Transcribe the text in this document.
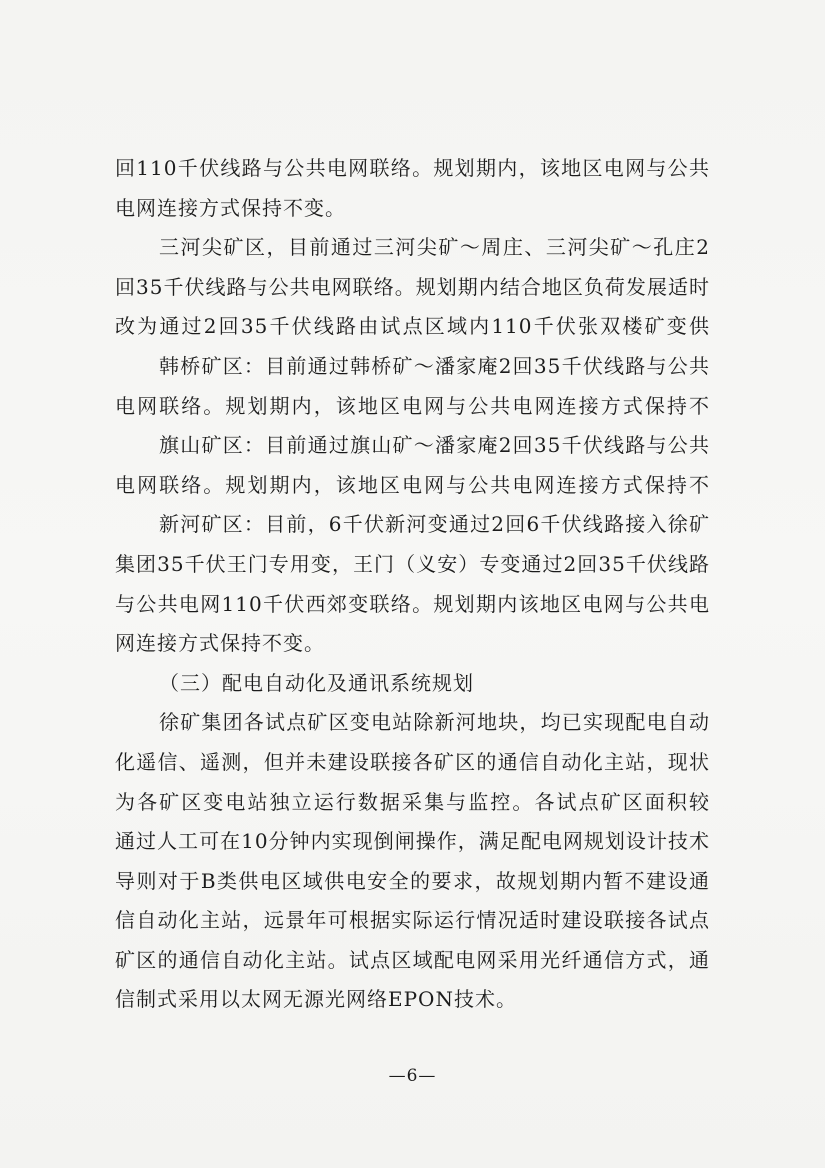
回110千伏线路与公共电网联络。规划期内，该地区电网与公共
电网连接方式保持不变。
三河尖矿区，目前通过三河尖矿～周庄、三河尖矿～孔庄2
回35千伏线路与公共电网联络。规划期内结合地区负荷发展适时
改为通过2回35千伏线路由试点区域内110千伏张双楼矿变供
韩桥矿区：目前通过韩桥矿～潘家庵2回35千伏线路与公共
电网联络。规划期内，该地区电网与公共电网连接方式保持不
旗山矿区：目前通过旗山矿～潘家庵2回35千伏线路与公共
电网联络。规划期内，该地区电网与公共电网连接方式保持不
新河矿区：目前，6千伏新河变通过2回6千伏线路接入徐矿
集团35千伏王门专用变，王门（义安）专变通过2回35千伏线路
与公共电网110千伏西郊变联络。规划期内该地区电网与公共电
网连接方式保持不变。
（三）配电自动化及通讯系统规划
徐矿集团各试点矿区变电站除新河地块，均已实现配电自动
化遥信、遥测，但并未建设联接各矿区的通信自动化主站，现状
为各矿区变电站独立运行数据采集与监控。各试点矿区面积较
通过人工可在10分钟内实现倒闸操作，满足配电网规划设计技术
导则对于B类供电区域供电安全的要求，故规划期内暂不建设通
信自动化主站，远景年可根据实际运行情况适时建设联接各试点
矿区的通信自动化主站。试点区域配电网采用光纤通信方式，通
信制式采用以太网无源光网络EPON技术。
—6—
